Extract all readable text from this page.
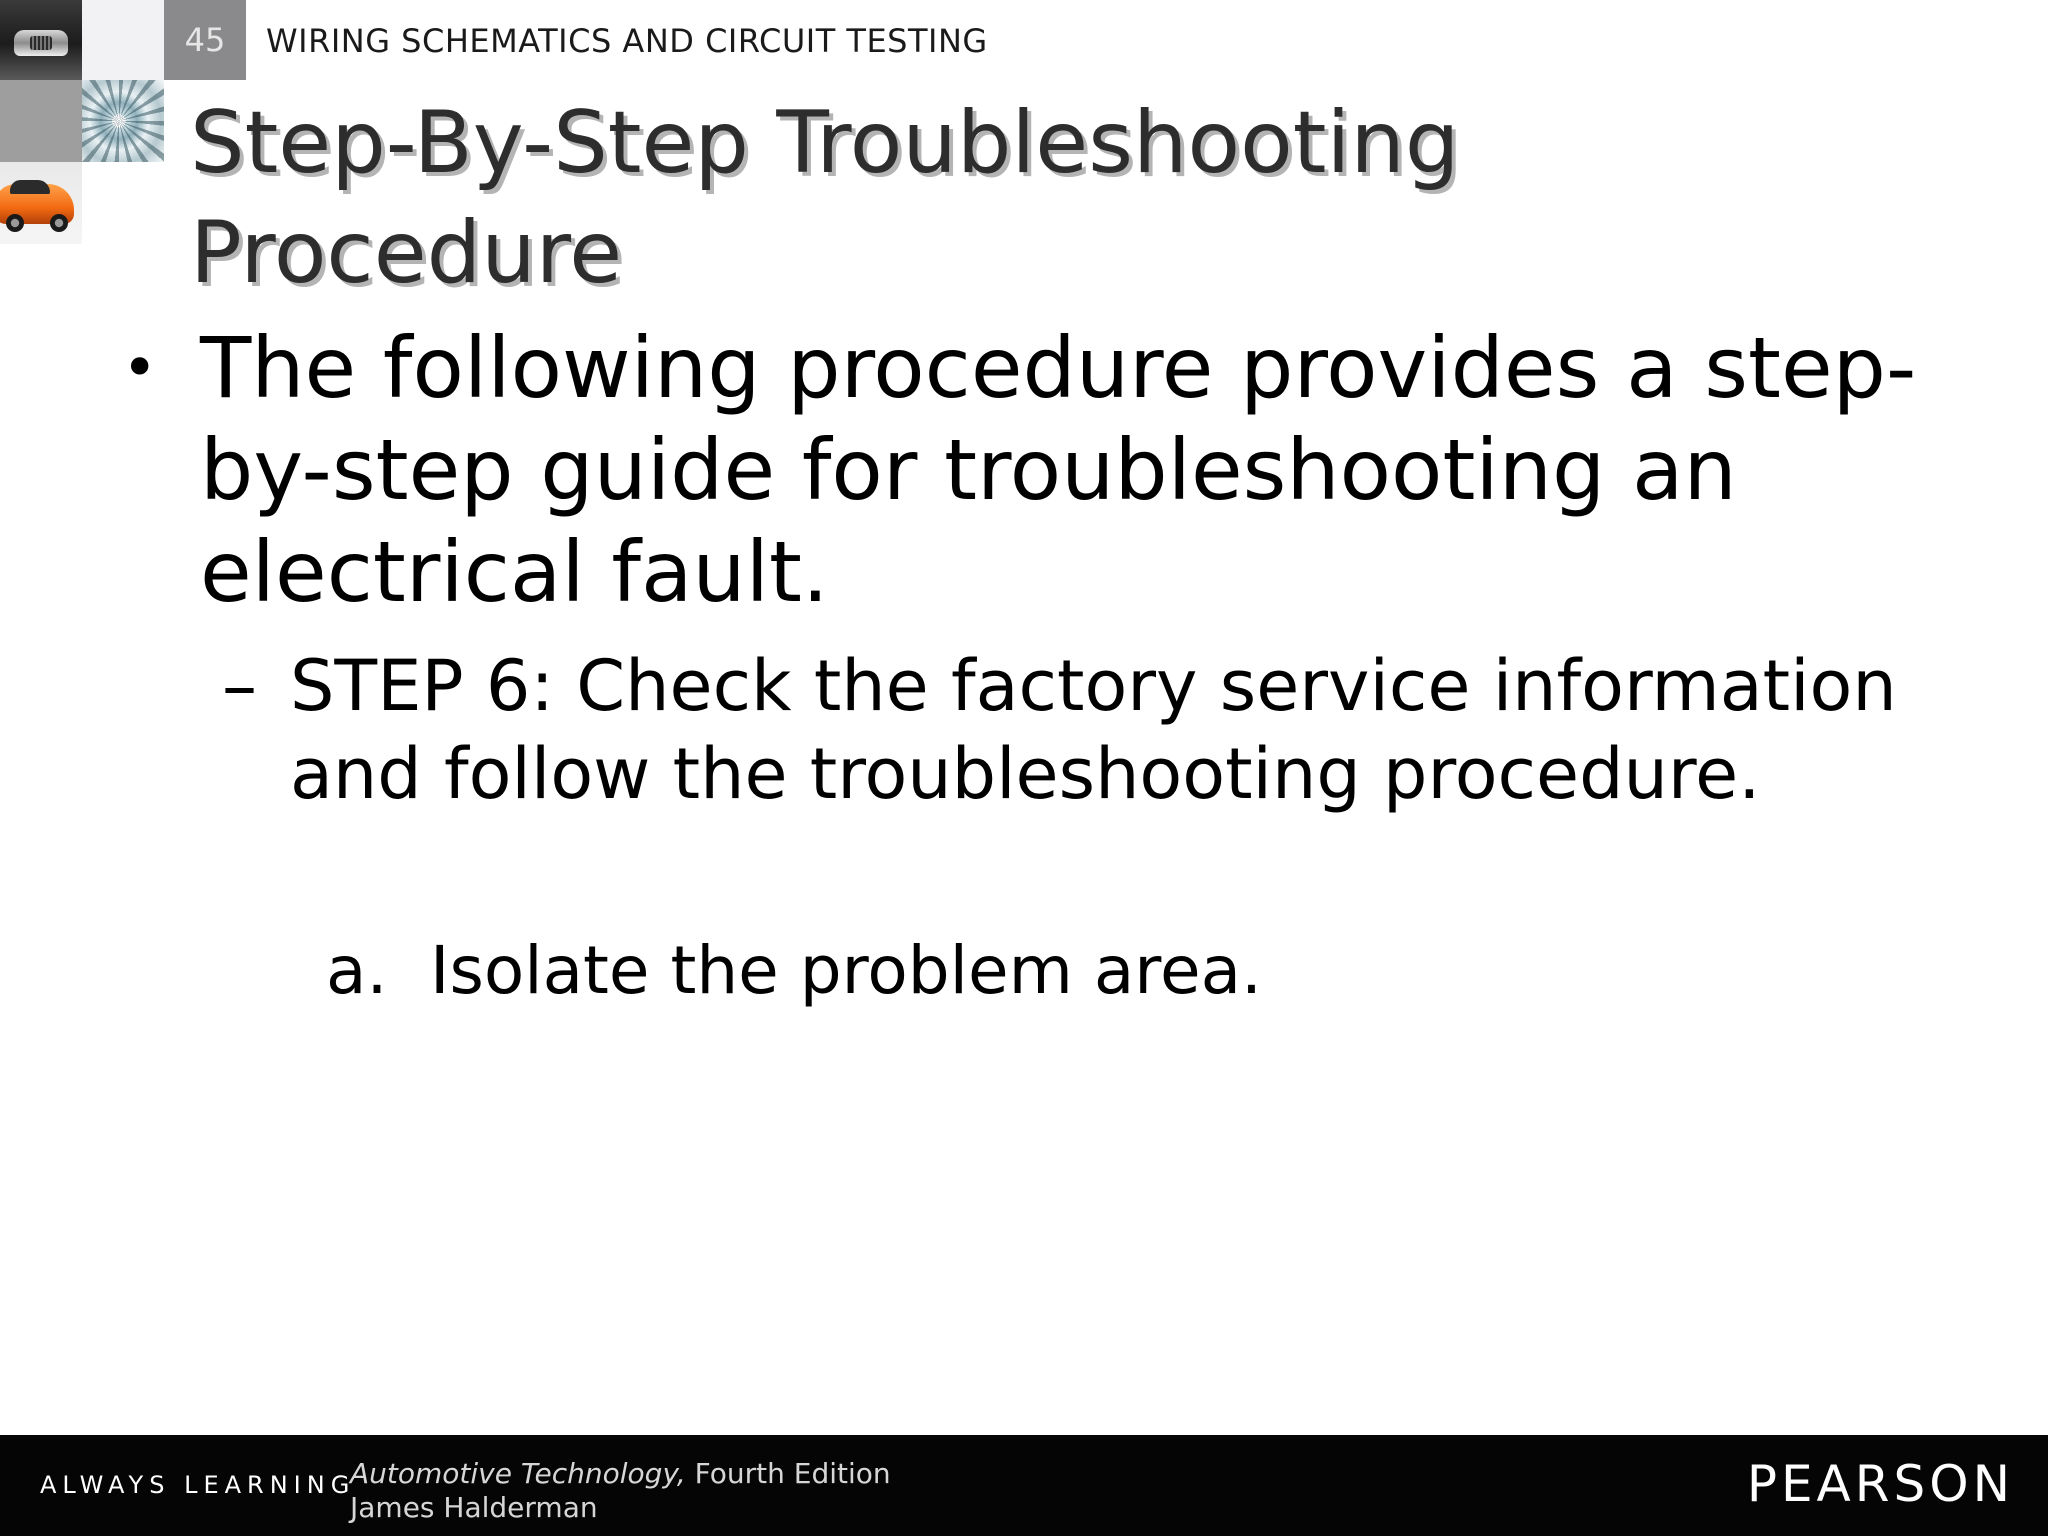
45	WIRING SCHEMATICS AND CIRCUIT TESTING
Step-By-Step Troubleshooting Procedure
• The following procedure provides a step-by-step guide for troubleshooting an electrical fault.
– STEP 6: Check the factory service information and follow the troubleshooting procedure.
a. Isolate the problem area.
ALWAYS LEARNING
Automotive Technology, Fourth Edition
James Halderman	PEARSON
